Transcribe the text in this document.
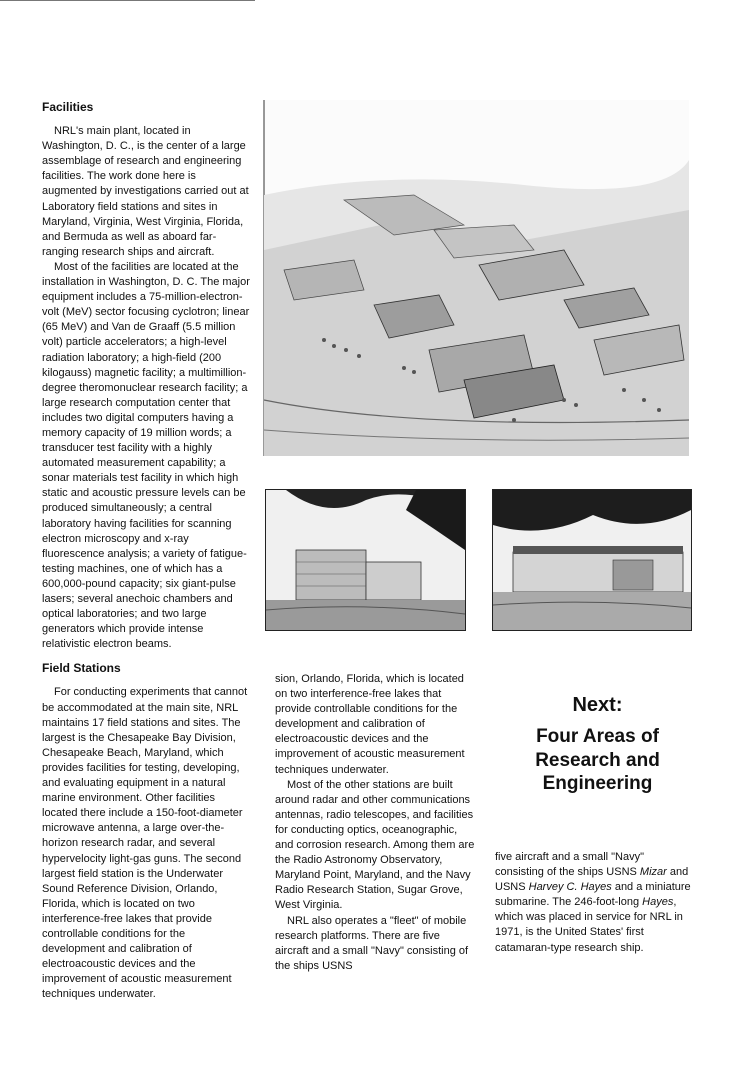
Facilities

NRL's main plant, located in Washington, D. C., is the center of a large assemblage of research and engineering facilities. The work done here is augmented by investigations carried out at Laboratory field stations and sites in Maryland, Virginia, West Virginia, Florida, and Bermuda as well as aboard far-ranging research ships and aircraft.

Most of the facilities are located at the installation in Washington, D. C. The major equipment includes a 75-million-electron-volt (MeV) sector focusing cyclotron; linear (65 MeV) and Van de Graaff (5.5 million volt) particle accelerators; a high-level radiation laboratory; a high-field (200 kilogauss) magnetic facility; a multimillion-degree theromonuclear research facility; a large research computation center that includes two digital computers having a memory capacity of 19 million words; a transducer test facility with a highly automated measurement capability; a sonar materials test facility in which high static and acoustic pressure levels can be produced simultaneously; a central laboratory having facilities for scanning electron microscopy and x-ray fluorescence analysis; a variety of fatigue-testing machines, one of which has a 600,000-pound capacity; six giant-pulse lasers; several anechoic chambers and optical laboratories; and two large generators which provide intense relativistic electron beams.

Field Stations

For conducting experiments that cannot be accommodated at the main site, NRL maintains 17 field stations and sites. The largest is the Chesapeake Bay Division, Chesapeake Beach, Maryland, which provides facilities for testing, developing, and evaluating equipment in a natural marine environment. Other facilities located there include a 150-foot-diameter microwave antenna, a large over-the-horizon research radar, and several hypervelocity light-gas guns. The second largest field station is the Underwater Sound Reference Division, Orlando, Florida, which is located on two interference-free lakes that provide controllable conditions for the development and calibration of electroacoustic devices and the improvement of acoustic measurement techniques underwater.

sion, Orlando, Florida, which is located on two interference-free lakes that provide controllable conditions for the development and calibration of electroacoustic devices and the improvement of acoustic measurement techniques underwater.

Most of the other stations are built around radar and other communications antennas, radio telescopes, and facilities for conducting optics, oceanographic, and corrosion research. Among them are the Radio Astronomy Observatory, Maryland Point, Maryland, and the Navy Radio Research Station, Sugar Grove, West Virginia.

NRL also operates a "fleet" of mobile research platforms. There are five aircraft and a small "Navy" consisting of the ships USNS

five aircraft and a small "Navy" consisting of the ships USNS Mizar and USNS Harvey C. Hayes and a miniature submarine. The 246-foot-long Hayes, which was placed in service for NRL in 1971, is the United States' first catamaran-type research ship.

Next:
Four Areas of Research and Engineering
